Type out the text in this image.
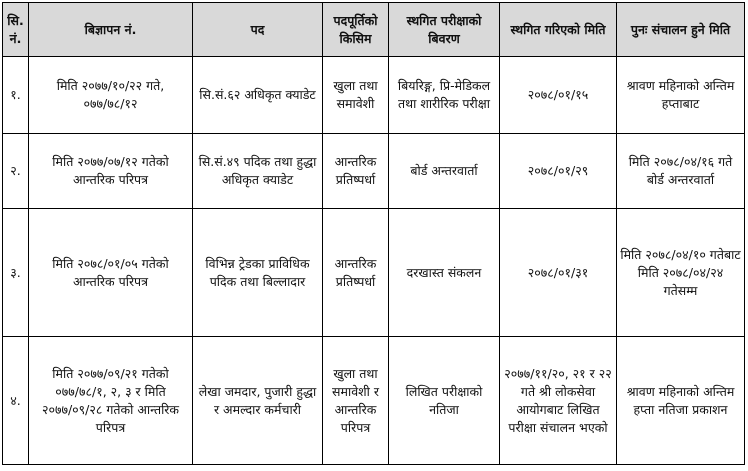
सि. नं.	बिज्ञापन नं.	पद	पदपूर्तिको किसिम	स्थगित परीक्षाको बिवरण	स्थगित गरिएको मिति	पुनः संचालन हुने मिति
१.	मिति २०७७/१०/२२ गते, ०७७/७८/१२	सि.सं.६२ अधिकृत क्याडेट	खुला तथा समावेशी	बियरिङ्ग, प्रि-मेडिकल तथा शारीरिक परीक्षा	२०७८/०१/१५	श्रावण महिनाको अन्तिम हप्ताबाट
२.	मिति २०७७/०७/१२ गतेको आन्तरिक परिपत्र	सि.सं.४९ पदिक तथा हुद्धा अधिकृत क्याडेट	आन्तरिक प्रतिष्पर्धा	बोर्ड अन्तरवार्ता	२०७८/०१/२९	मिति २०७८/०४/१६ गते बोर्ड अन्तरवार्ता
३.	मिति २०७८/०१/०५ गतेको आन्तरिक परिपत्र	विभिन्न ट्रेडका प्राविधिक पदिक तथा बिल्लादार	आन्तरिक प्रतिष्पर्धा	दरखास्त संकलन	२०७८/०१/३१	मिति २०७८/०४/१० गतेबाट मिति २०७८/०४/२४ गतेसम्म
४.	मिति २०७७/०९/२१ गतेको ०७७/७८/१, २, ३ र मिति २०७७/०९/२८ गतेको आन्तरिक परिपत्र	लेखा जमदार, पुजारी हुद्धा र अमल्दार कर्मचारी	खुला तथा समावेशी र आन्तरिक परिपत्र	लिखित परीक्षाको नतिजा	२०७७/११/२०, २१ र २२ गते श्री लोकसेवा आयोगबाट लिखित परीक्षा संचालन भएको	श्रावण महिनाको अन्तिम हप्ता नतिजा प्रकाशन
